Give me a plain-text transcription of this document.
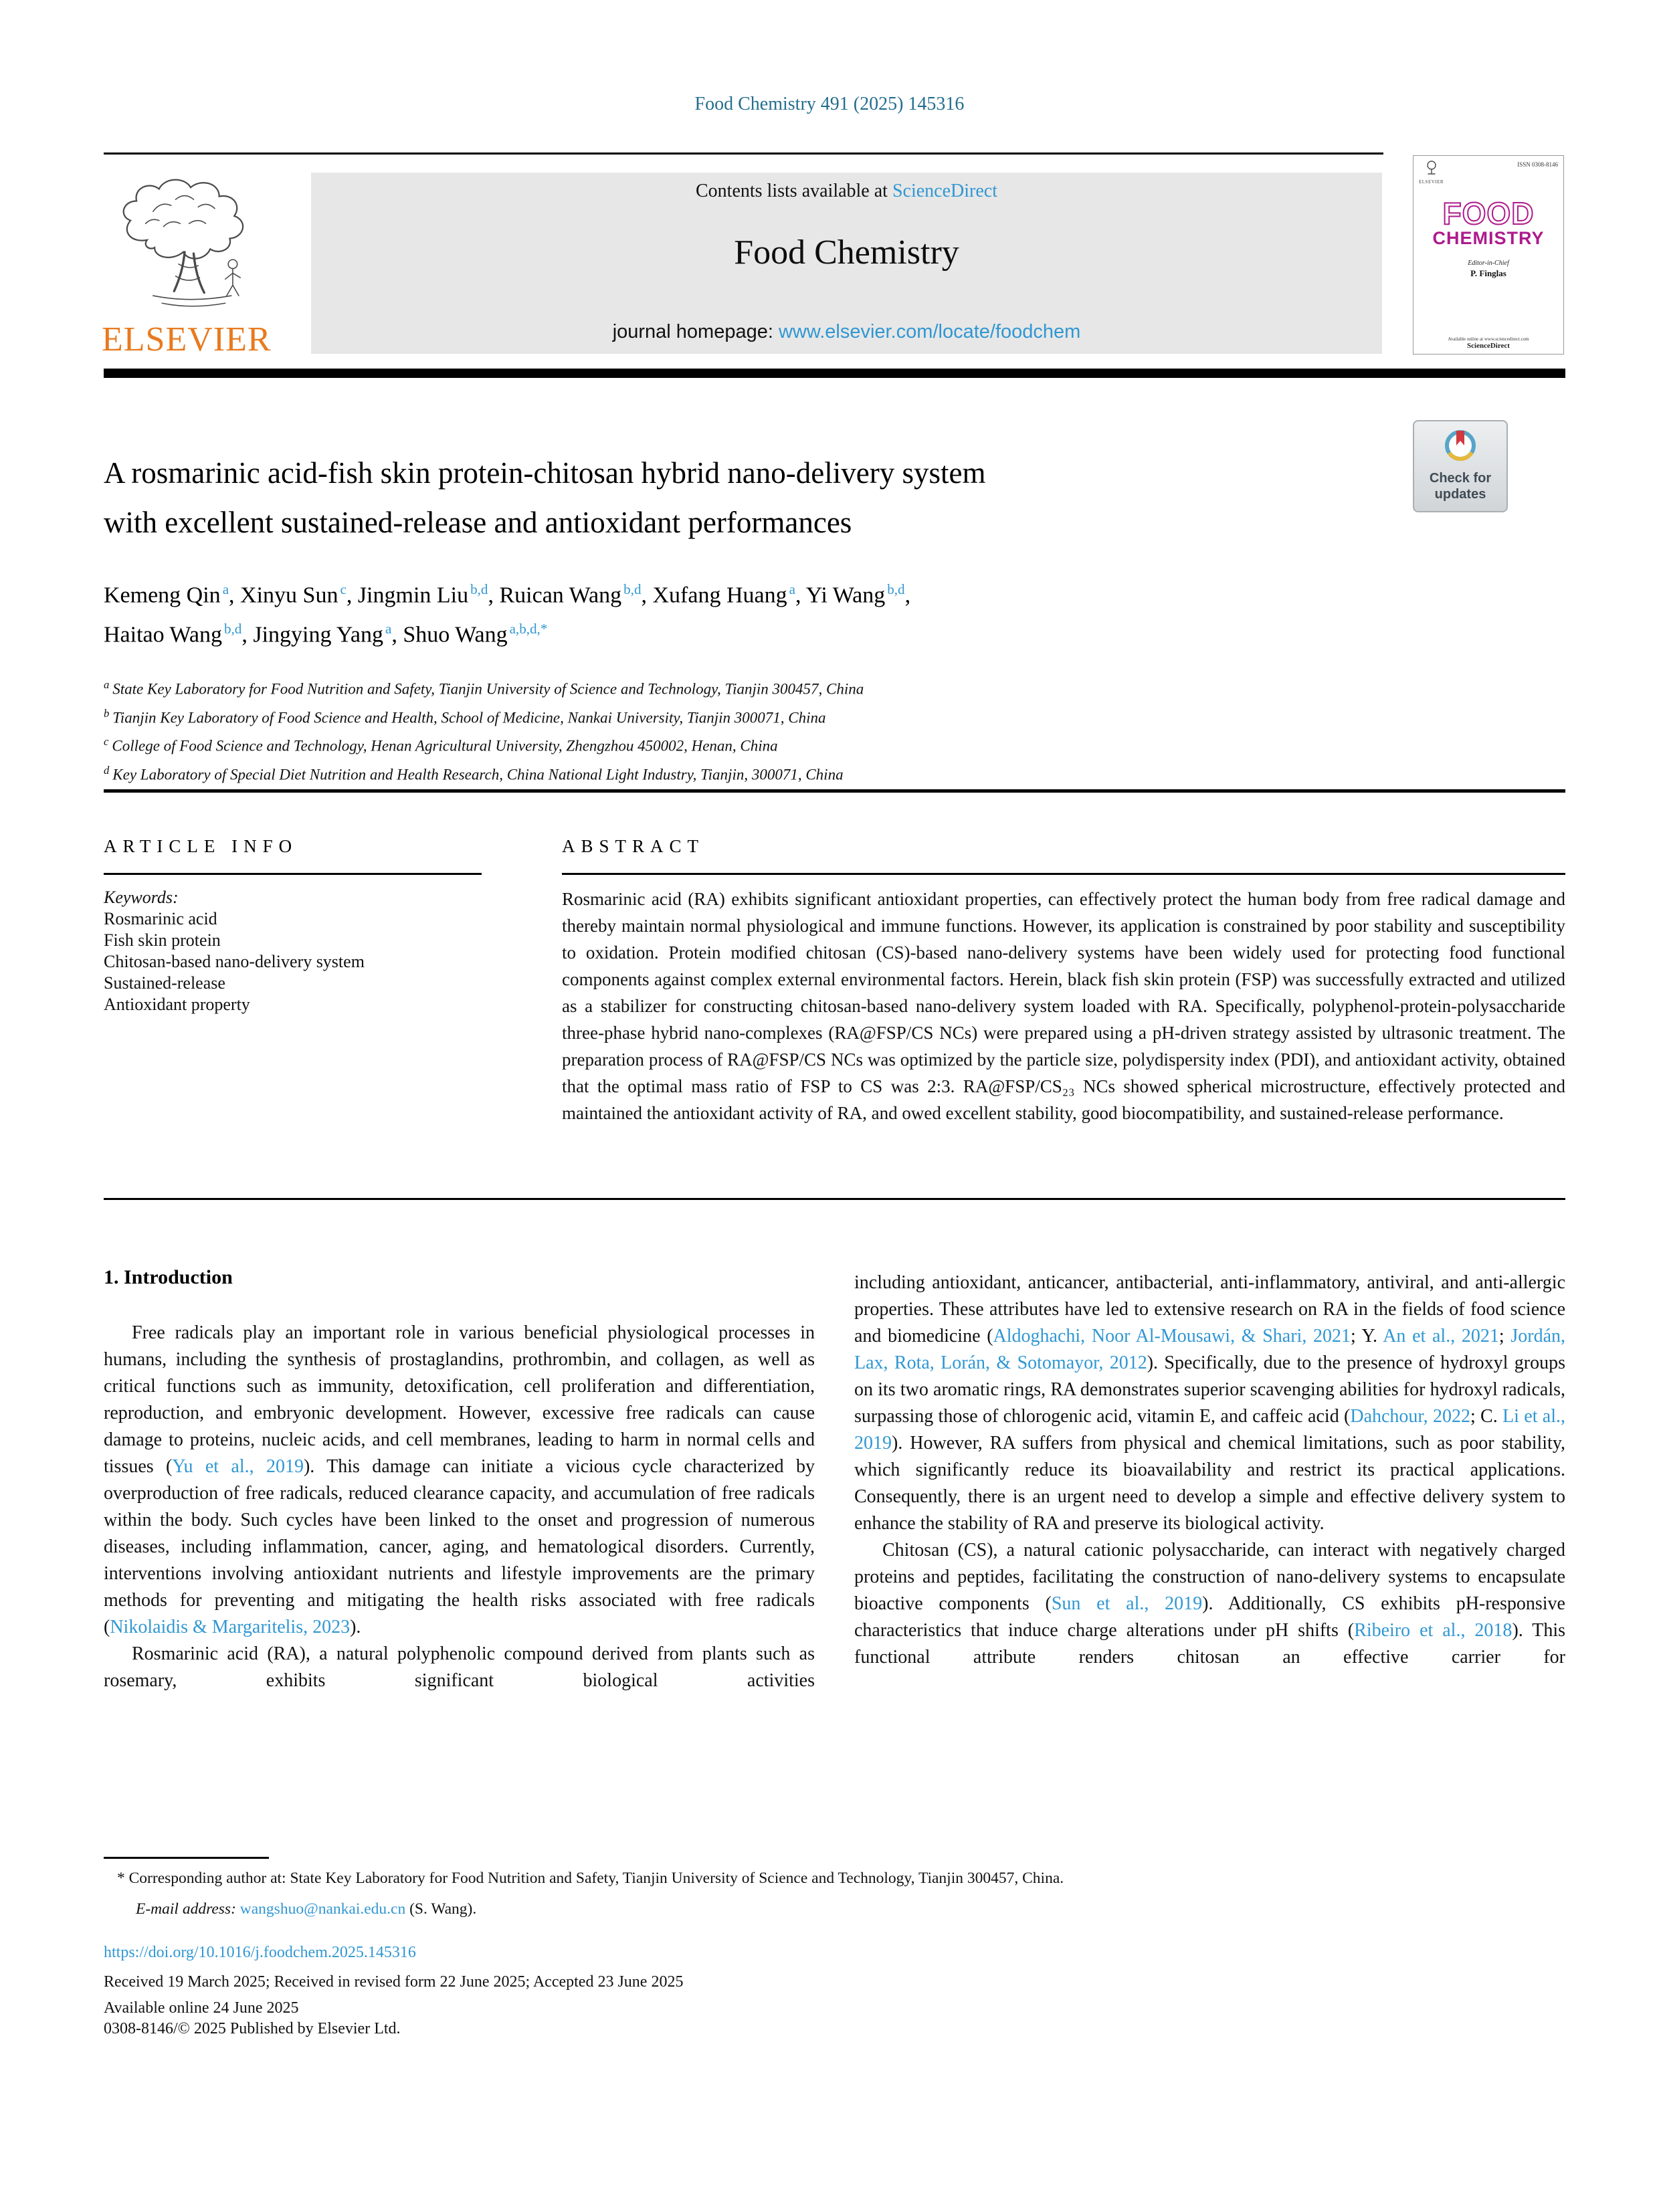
Food Chemistry 491 (2025) 145316
ELSEVIER
Contents lists available at ScienceDirect
Food Chemistry
journal homepage: www.elsevier.com/locate/foodchem
ELSEVIER
ISSN 0308-8146
FOOD
CHEMISTRY
Editor-in-Chief
P. Finglas
Available online at www.sciencedirect.com
ScienceDirect
A rosmarinic acid-fish skin protein-chitosan hybrid nano-delivery system
with excellent sustained-release and antioxidant performances
Check for
updates
Kemeng Qin $^a$, Xinyu Sun $^c$, Jingmin Liu $^{b,d}$, Ruican Wang $^{b,d}$, Xufang Huang $^a$, Yi Wang $^{b,d}$,
Haitao Wang $^{b,d}$, Jingying Yang $^a$, Shuo Wang $^{a,b,d,*}$
$^a$ State Key Laboratory for Food Nutrition and Safety, Tianjin University of Science and Technology, Tianjin 300457, China
$^b$ Tianjin Key Laboratory of Food Science and Health, School of Medicine, Nankai University, Tianjin 300071, China
$^c$ College of Food Science and Technology, Henan Agricultural University, Zhengzhou 450002, Henan, China
$^d$ Key Laboratory of Special Diet Nutrition and Health Research, China National Light Industry, Tianjin, 300071, China
ARTICLE INFO
Keywords:
Rosmarinic acid
Fish skin protein
Chitosan-based nano-delivery system
Sustained-release
Antioxidant property
ABSTRACT
Rosmarinic acid (RA) exhibits significant antioxidant properties, can effectively protect the human body from free radical damage and thereby maintain normal physiological and immune functions. However, its application is constrained by poor stability and susceptibility to oxidation. Protein modified chitosan (CS)-based nano-delivery systems have been widely used for protecting food functional components against complex external environmental factors. Herein, black fish skin protein (FSP) was successfully extracted and utilized as a stabilizer for constructing chitosan-based nano-delivery system loaded with RA. Specifically, polyphenol-protein-polysaccharide three-phase hybrid nano-complexes (RA@FSP/CS NCs) were prepared using a pH-driven strategy assisted by ultrasonic treatment. The preparation process of RA@FSP/CS NCs was optimized by the particle size, polydispersity index (PDI), and antioxidant activity, obtained that the optimal mass ratio of FSP to CS was 2:3. RA@FSP/CS₂₃ NCs showed spherical microstructure, effectively protected and maintained the antioxidant activity of RA, and owed excellent stability, good biocompatibility, and sustained-release performance.
1. Introduction

Free radicals play an important role in various beneficial physiological processes in humans, including the synthesis of prostaglandins, prothrombin, and collagen, as well as critical functions such as immunity, detoxification, cell proliferation and differentiation, reproduction, and embryonic development. However, excessive free radicals can cause damage to proteins, nucleic acids, and cell membranes, leading to harm in normal cells and tissues (Yu et al., 2019). This damage can initiate a vicious cycle characterized by overproduction of free radicals, reduced clearance capacity, and accumulation of free radicals within the body. Such cycles have been linked to the onset and progression of numerous diseases, including inflammation, cancer, aging, and hematological disorders. Currently, interventions involving antioxidant nutrients and lifestyle improvements are the primary methods for preventing and mitigating the health risks associated with free radicals (Nikolaidis & Margaritelis, 2023).

Rosmarinic acid (RA), a natural polyphenolic compound derived from plants such as rosemary, exhibits significant biological activities

including antioxidant, anticancer, antibacterial, anti-inflammatory, antiviral, and anti-allergic properties. These attributes have led to extensive research on RA in the fields of food science and biomedicine (Aldoghachi, Noor Al-Mousawi, & Shari, 2021; Y. An et al., 2021; Jordán, Lax, Rota, Lorán, & Sotomayor, 2012). Specifically, due to the presence of hydroxyl groups on its two aromatic rings, RA demonstrates superior scavenging abilities for hydroxyl radicals, surpassing those of chlorogenic acid, vitamin E, and caffeic acid (Dahchour, 2022; C. Li et al., 2019). However, RA suffers from physical and chemical limitations, such as poor stability, which significantly reduce its bioavailability and restrict its practical applications. Consequently, there is an urgent need to develop a simple and effective delivery system to enhance the stability of RA and preserve its biological activity.

Chitosan (CS), a natural cationic polysaccharide, can interact with negatively charged proteins and peptides, facilitating the construction of nano-delivery systems to encapsulate bioactive components (Sun et al., 2019). Additionally, CS exhibits pH-responsive characteristics that induce charge alterations under pH shifts (Ribeiro et al., 2018). This functional attribute renders chitosan an effective carrier for

* Corresponding author at: State Key Laboratory for Food Nutrition and Safety, Tianjin University of Science and Technology, Tianjin 300457, China.
E-mail address: wangshuo@nankai.edu.cn (S. Wang).
https://doi.org/10.1016/j.foodchem.2025.145316
Received 19 March 2025; Received in revised form 22 June 2025; Accepted 23 June 2025
Available online 24 June 2025
0308-8146/© 2025 Published by Elsevier Ltd.
